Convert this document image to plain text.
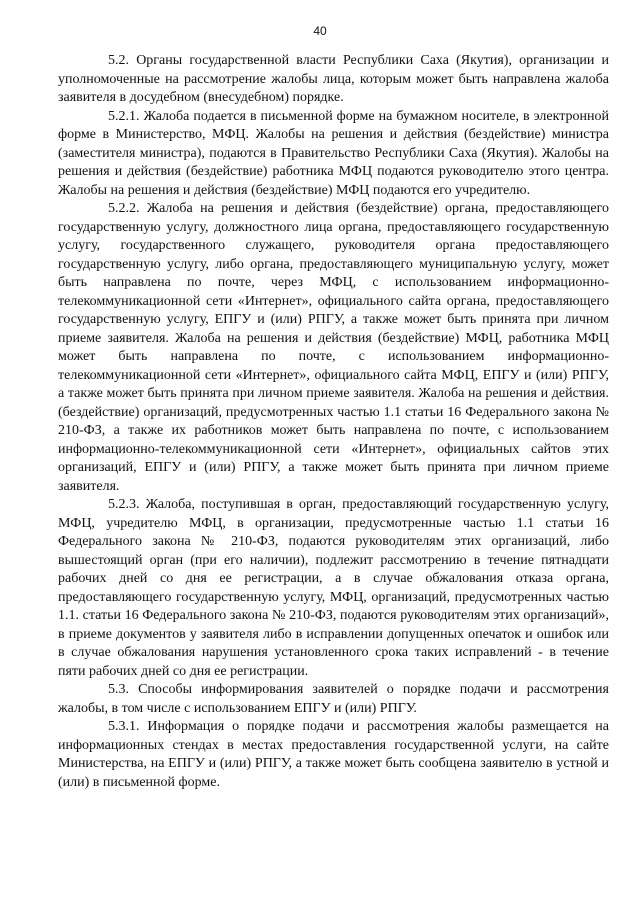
40

5.2. Органы государственной власти Республики Саха (Якутия), организации и уполномоченные на рассмотрение жалобы лица, которым может быть направлена жалоба заявителя в досудебном (внесудебном) порядке.

5.2.1. Жалоба подается в письменной форме на бумажном носителе, в электронной форме в Министерство, МФЦ. Жалобы на решения и действия (бездействие) министра (заместителя министра), подаются в Правительство Республики Саха (Якутия). Жалобы на решения и действия (бездействие) работника МФЦ подаются руководителю этого центра. Жалобы на решения и действия (бездействие) МФЦ подаются его учредителю.

5.2.2. Жалоба на решения и действия (бездействие) органа, предоставляющего государственную услугу, должностного лица органа, предоставляющего государственную услугу, государственного служащего, руководителя органа предоставляющего государственную услугу, либо органа, предоставляющего муниципальную услугу, может быть направлена по почте, через МФЦ, с использованием информационно-телекоммуникационной сети «Интернет», официального сайта органа, предоставляющего государственную услугу, ЕПГУ и (или) РПГУ, а также может быть принята при личном приеме заявителя. Жалоба на решения и действия (бездействие) МФЦ, работника МФЦ может быть направлена по почте, с использованием информационно-телекоммуникационной сети «Интернет», официального сайта МФЦ, ЕПГУ и (или) РПГУ, а также может быть принята при личном приеме заявителя. Жалоба на решения и действия. (бездействие) организаций, предусмотренных частью 1.1 статьи 16 Федерального закона № 210-ФЗ, а также их работников может быть направлена по почте, с использованием информационно-телекоммуникационной сети «Интернет», официальных сайтов этих организаций, ЕПГУ и (или) РПГУ, а также может быть принята при личном приеме заявителя.

5.2.3. Жалоба, поступившая в орган, предоставляющий государственную услугу, МФЦ, учредителю МФЦ, в организации, предусмотренные частью 1.1 статьи 16 Федерального закона № 210-ФЗ, подаются руководителям этих организаций, либо вышестоящий орган (при его наличии), подлежит рассмотрению в течение пятнадцати рабочих дней со дня ее регистрации, а в случае обжалования отказа органа, предоставляющего государственную услугу, МФЦ, организаций, предусмотренных частью 1.1. статьи 16 Федерального закона № 210-ФЗ, подаются руководителям этих организаций», в приеме документов у заявителя либо в исправлении допущенных опечаток и ошибок или в случае обжалования нарушения установленного срока таких исправлений - в течение пяти рабочих дней со дня ее регистрации.

5.3. Способы информирования заявителей о порядке подачи и рассмотрения жалобы, в том числе с использованием ЕПГУ и (или) РПГУ.

5.3.1. Информация о порядке подачи и рассмотрения жалобы размещается на информационных стендах в местах предоставления государственной услуги, на сайте Министерства, на ЕПГУ и (или) РПГУ, а также может быть сообщена заявителю в устной и (или) в письменной форме.
